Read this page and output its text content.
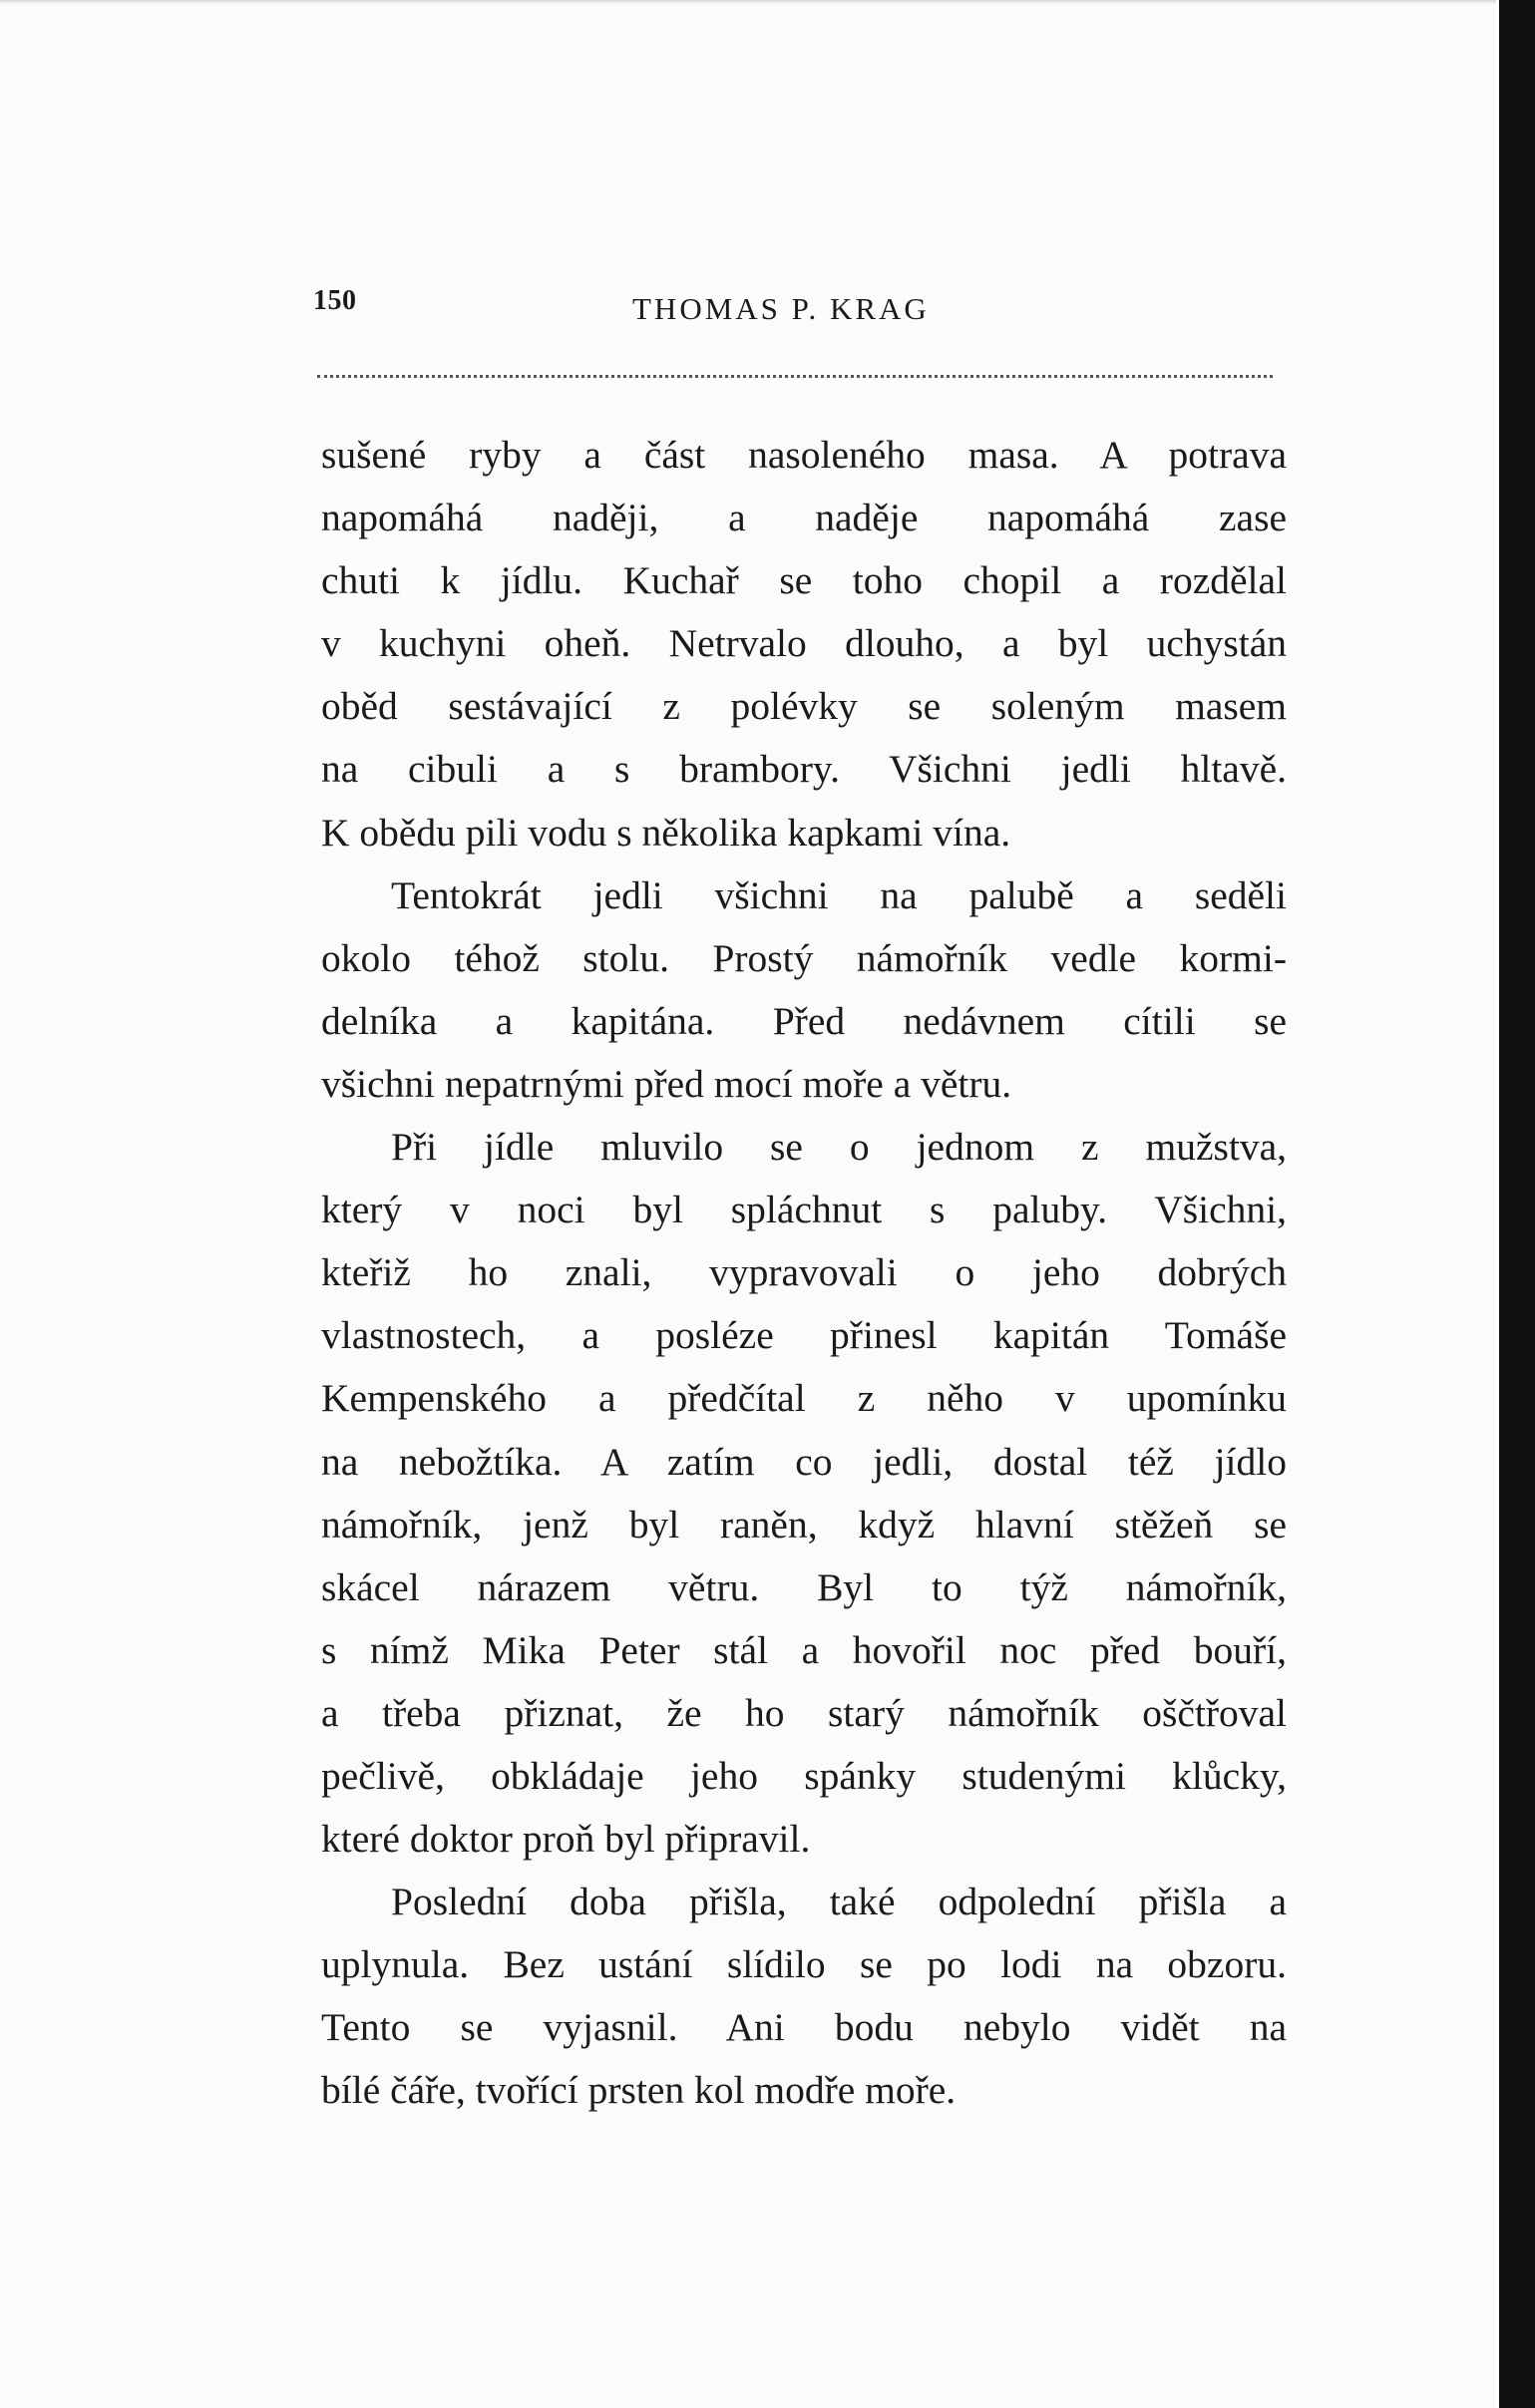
150	THOMAS P. KRAG

sušené ryby a část nasoleného masa. A potrava
napomáhá naději, a naděje napomáhá zase
chuti k jídlu. Kuchař se toho chopil a rozdělal
v kuchyni oheň. Netrvalo dlouho, a byl uchystán
oběd sestávající z polévky se soleným masem
na cibuli a s brambory. Všichni jedli hltavě.
K obědu pili vodu s několika kapkami vína.

Tentokrát jedli všichni na palubě a seděli
okolo téhož stolu. Prostý námořník vedle kormi-
delníka a kapitána. Před nedávnem cítili se
všichni nepatrnými před mocí moře a větru.

Při jídle mluvilo se o jednom z mužstva,
který v noci byl spláchnut s paluby. Všichni,
kteřiž ho znali, vypravovali o jeho dobrých
vlastnostech, a posléze přinesl kapitán Tomáše
Kempenského a předčítal z něho v upomínku
na nebožtíka. A zatím co jedli, dostal též jídlo
námořník, jenž byl raněn, když hlavní stěžeň se
skácel nárazem větru. Byl to týž námořník,
s nímž Mika Peter stál a hovořil noc před bouří,
a třeba přiznat, že ho starý námořník oščtřoval
pečlivě, obkládaje jeho spánky studenými klůcky,
které doktor proň byl připravil.

Poslední doba přišla, také odpolední přišla a
uplynula. Bez ustání slídilo se po lodi na obzoru.
Tento se vyjasnil. Ani bodu nebylo vidět na
bílé čáře, tvořící prsten kol modře moře.
